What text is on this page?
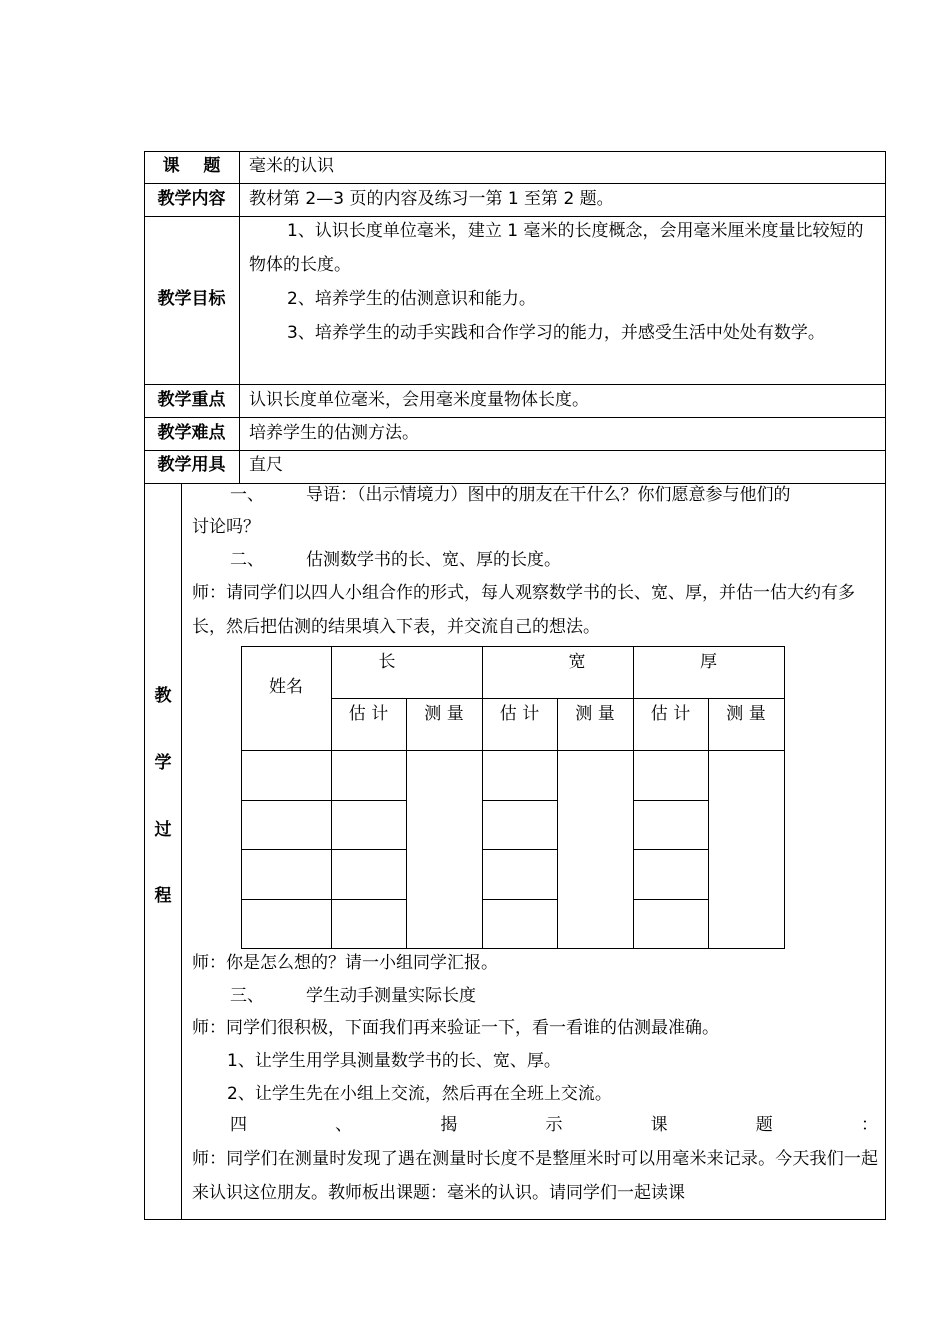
课    题	毫米的认识
教学内容	教材第 2—3 页的内容及练习一第 1 至第 2 题。
教学目标
1、认识长度单位毫米，建立 1 毫米的长度概念，会用毫米厘米度量比较短的物体的长度。
2、培养学生的估测意识和能力。
3、培养学生的动手实践和合作学习的能力，并感受生活中处处有数学。
教学重点	认识长度单位毫米，会用毫米度量物体长度。
教学难点	培养学生的估测方法。
教学用具	直尺
教
学
过
程
一、 导语：（出示情境力）图中的朋友在干什么？你们愿意参与他们的
讨论吗？
二、 估测数学书的长、宽、厚的长度。
师：请同学们以四人小组合作的形式，每人观察数学书的长、宽、厚，并估一估大约有多长，然后把估测的结果填入下表，并交流自己的想法。
姓名
长	宽	厚
估 计	测 量	估 计	测 量	估 计	测 量
师：你是怎么想的？请一小组同学汇报。
三、 学生动手测量实际长度
师：同学们很积极，下面我们再来验证一下，看一看谁的估测最准确。
1、让学生用学具测量数学书的长、宽、厚。
2、让学生先在小组上交流，然后再在全班上交流。
四	、	揭	示	课	题	：
师：同学们在测量时发现了遇在测量时长度不是整厘米时可以用毫米来记录。今天我们一起来认识这位朋友。教师板出课题：毫米的认识。请同学们一起读课
